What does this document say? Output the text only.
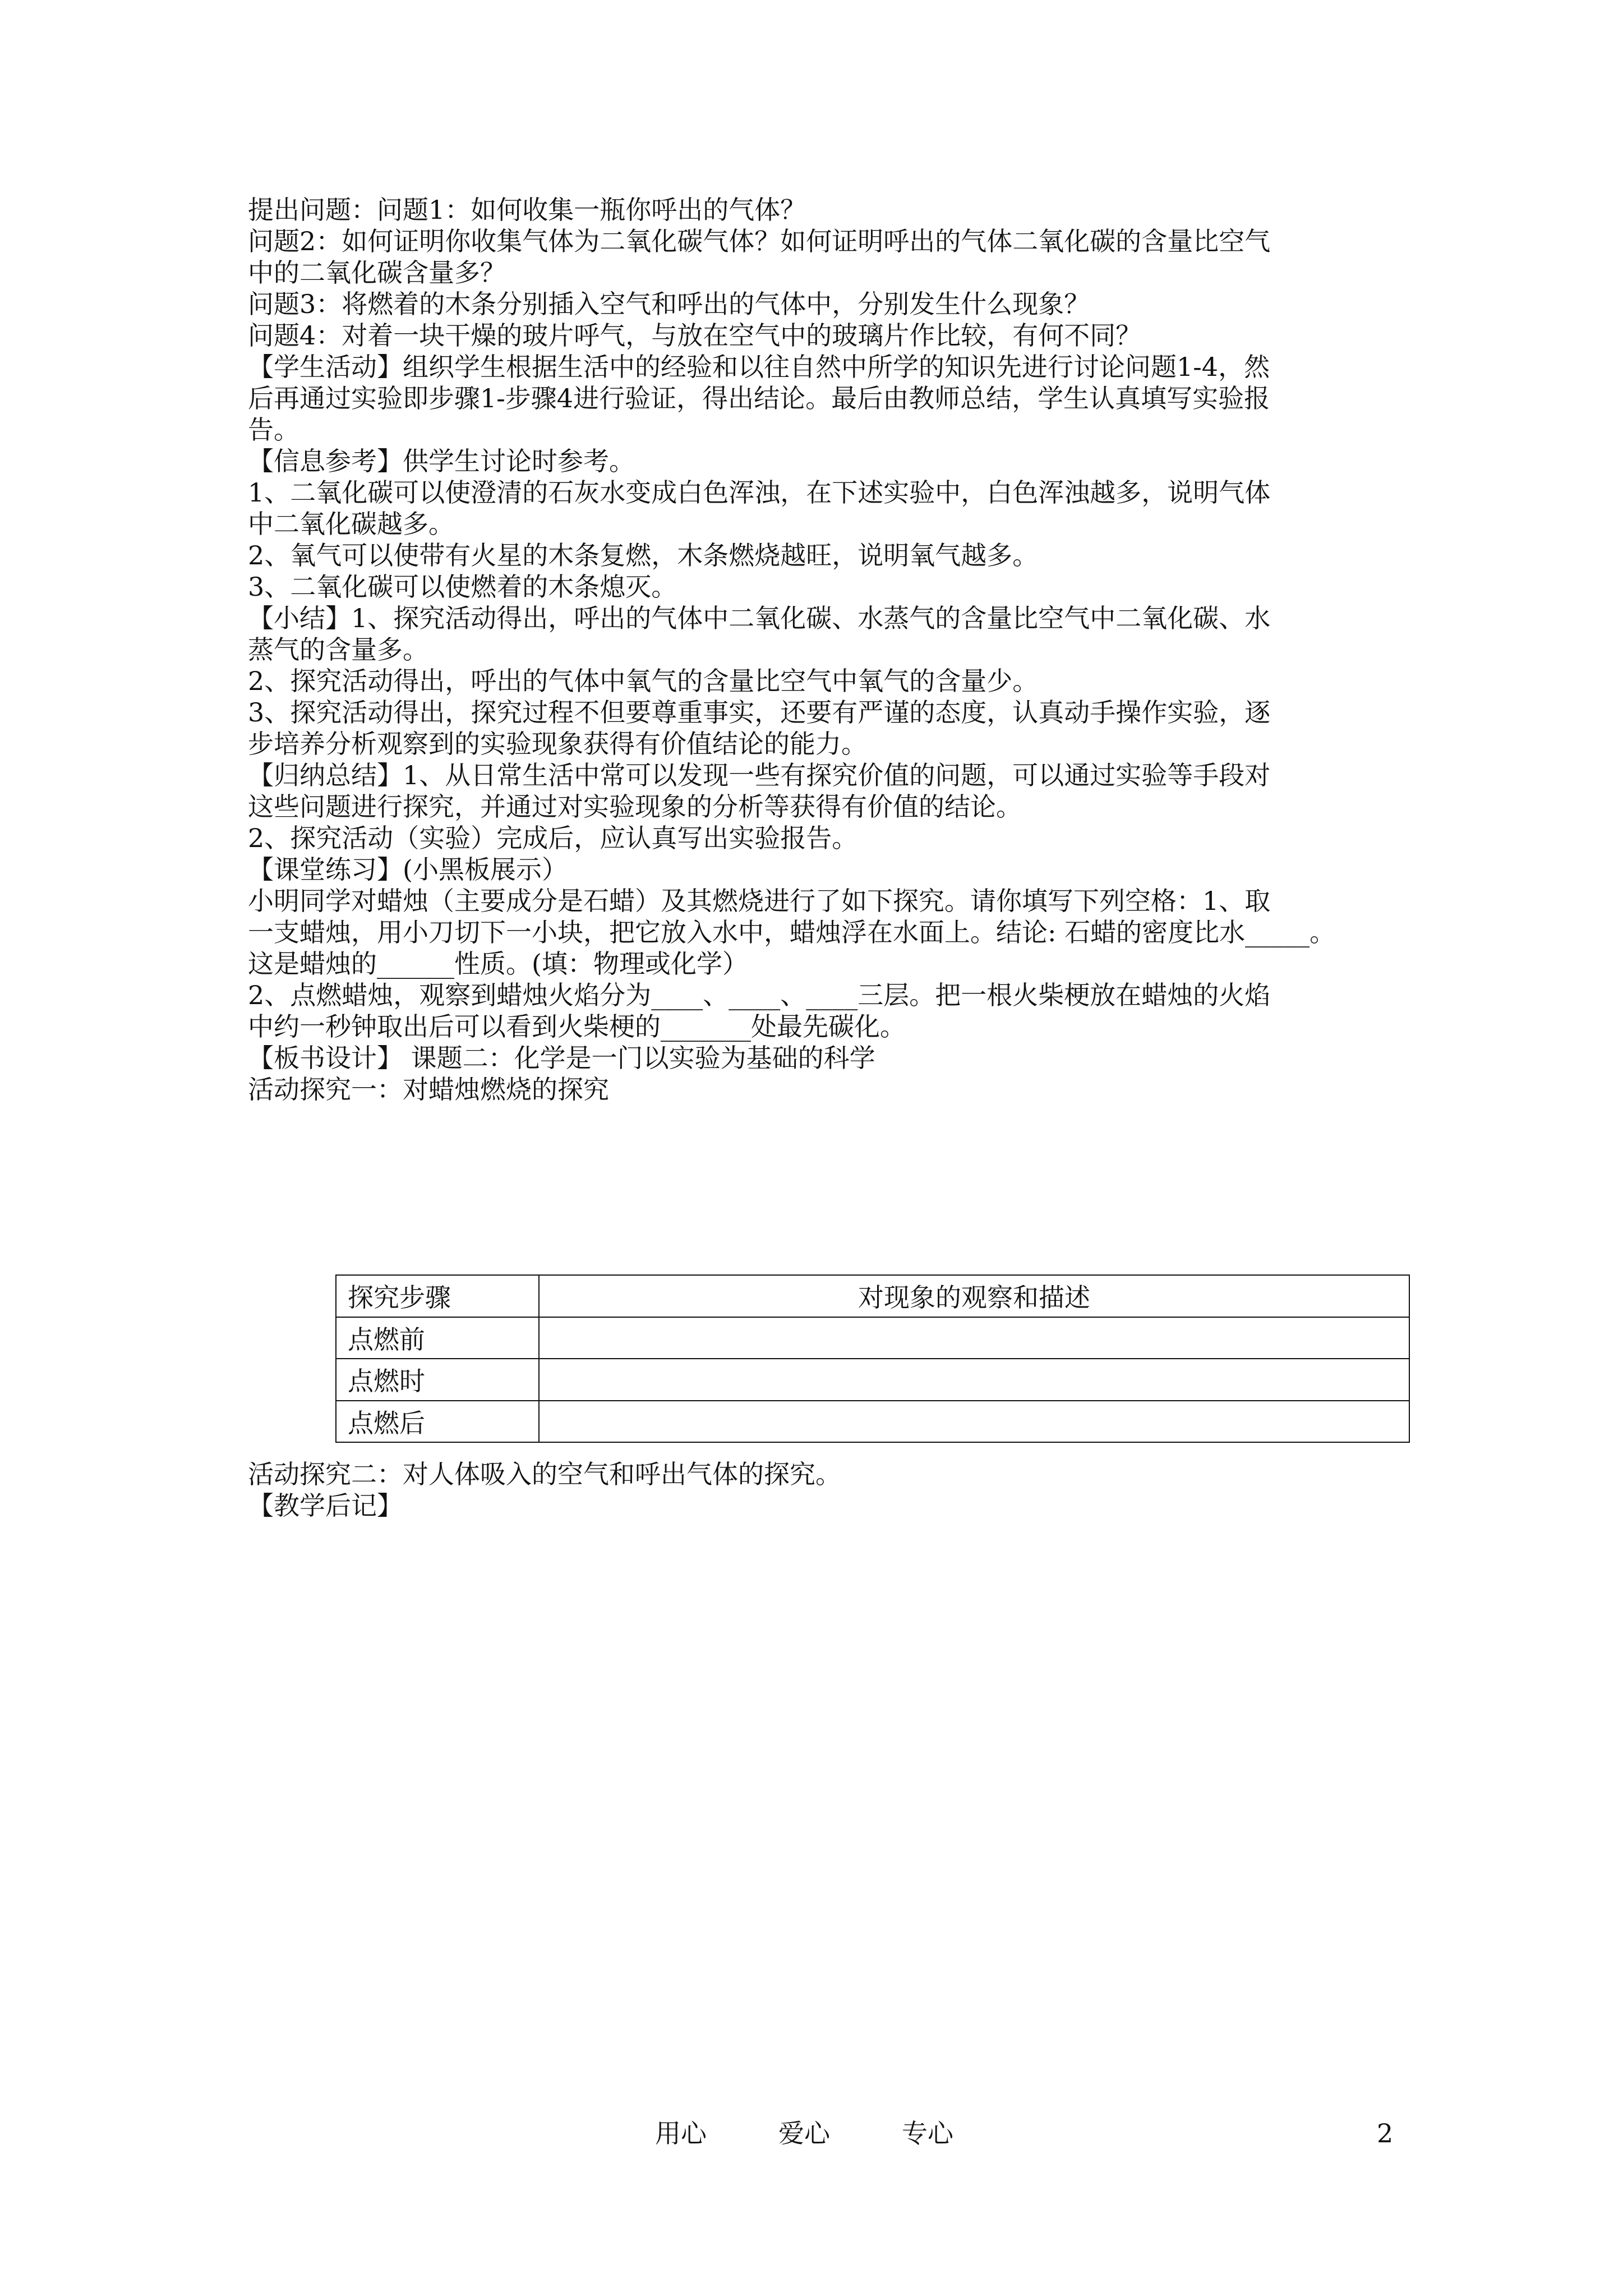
提出问题：问题1：如何收集一瓶你呼出的气体？
问题2：如何证明你收集气体为二氧化碳气体？如何证明呼出的气体二氧化碳的含量比空气
中的二氧化碳含量多？
问题3：将燃着的木条分别插入空气和呼出的气体中，分别发生什么现象？
问题4：对着一块干燥的玻片呼气，与放在空气中的玻璃片作比较，有何不同？
【学生活动】组织学生根据生活中的经验和以往自然中所学的知识先进行讨论问题1-4，然
后再通过实验即步骤1-步骤4进行验证，得出结论。最后由教师总结，学生认真填写实验报
告。
【信息参考】供学生讨论时参考。
1、二氧化碳可以使澄清的石灰水变成白色浑浊，在下述实验中，白色浑浊越多，说明气体
中二氧化碳越多。
2、氧气可以使带有火星的木条复燃，木条燃烧越旺，说明氧气越多。
3、二氧化碳可以使燃着的木条熄灭。
【小结】1、探究活动得出，呼出的气体中二氧化碳、水蒸气的含量比空气中二氧化碳、水
蒸气的含量多。
2、探究活动得出，呼出的气体中氧气的含量比空气中氧气的含量少。
3、探究活动得出，探究过程不但要尊重事实，还要有严谨的态度，认真动手操作实验，逐
步培养分析观察到的实验现象获得有价值结论的能力。
【归纳总结】1、从日常生活中常可以发现一些有探究价值的问题，可以通过实验等手段对
这些问题进行探究，并通过对实验现象的分析等获得有价值的结论。
2、探究活动（实验）完成后，应认真写出实验报告。
【课堂练习】(小黑板展示）
小明同学对蜡烛（主要成分是石蜡）及其燃烧进行了如下探究。请你填写下列空格：1、取
一支蜡烛，用小刀切下一小块，把它放入水中，蜡烛浮在水面上。结论: 石蜡的密度比水_____。
这是蜡烛的______性质。(填：物理或化学）
2、点燃蜡烛，观察到蜡烛火焰分为____、____、____三层。把一根火柴梗放在蜡烛的火焰
中约一秒钟取出后可以看到火柴梗的_______处最先碳化。
【板书设计】 课题二：化学是一门以实验为基础的科学
活动探究一：对蜡烛燃烧的探究
探究步骤	对现象的观察和描述
点燃前	
点燃时	
点燃后	
活动探究二：对人体吸入的空气和呼出气体的探究。
【教学后记】
用心	爱心	专心	2
